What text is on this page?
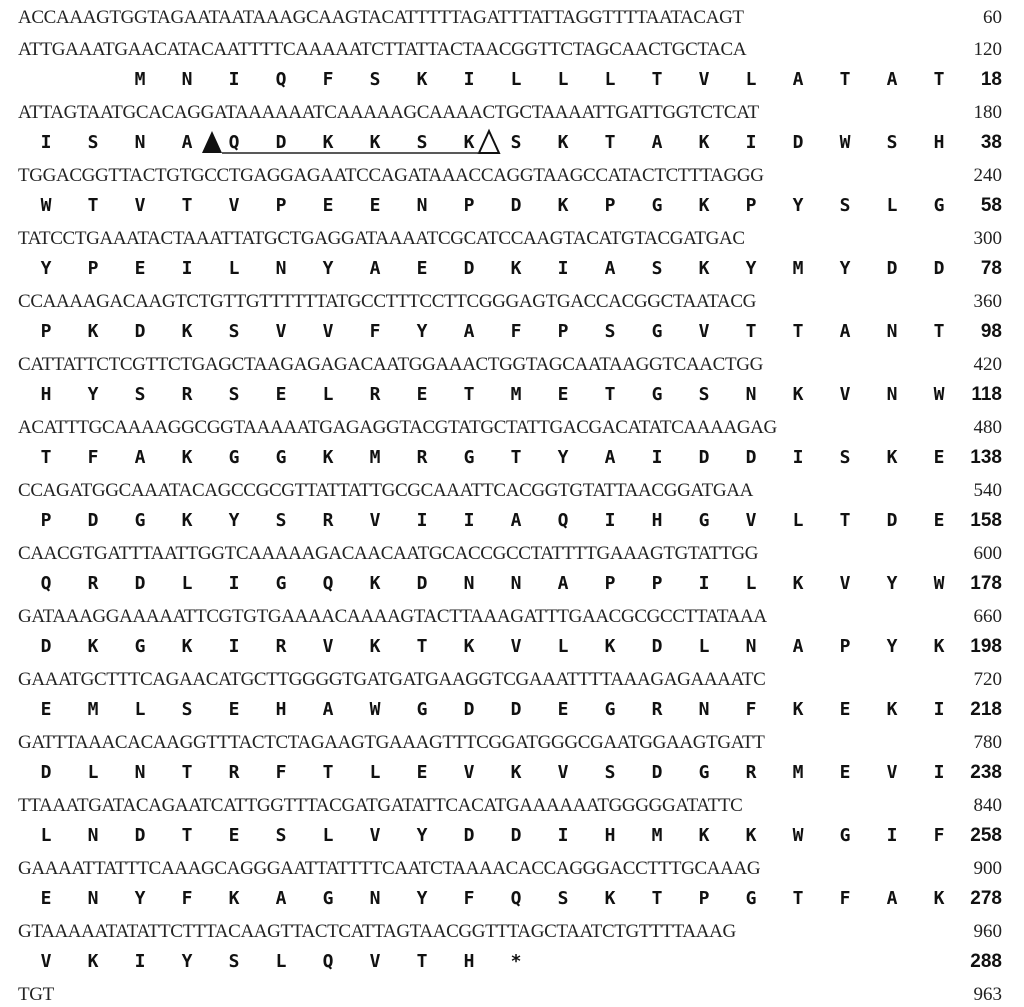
ACCAAAGTGGTAGAATAATAAAGCAAGTACATTTTTAGATTTATTAGGTTTTAATACAGT	60
ATTGAAATGAACATACAATTTTCAAAAATCTTATTACTAACGGTTCTAGCAACTGCTACA	120
M N I Q F S K I L L L T V L A T A T 18
ATTAGTAATGCACAGGATAAAAAATCAAAAAGCAAAACTGCTAAAATTGATTGGTCTCAT	180
I S N A Q D K K S K S K T A K I D W S H 38
TGGACGGTTACTGTGCCTGAGGAGAATCCAGATAAACCAGGTAAGCCATACTCTTTAGGG	240
W T V T V P E E N P D K P G K P Y S L G 58
TATCCTGAAATACTAAATTATGCTGAGGATAAAATCGCATCCAAGTACATGTACGATGAC	300
Y P E I L N Y A E D K I A S K Y M Y D D 78
CCAAAAGACAAGTCTGTTGTTTTTTATGCCTTTCCTTCGGGAGTGACCACGGCTAATACG	360
P K D K S V V F Y A F P S G V T T A N T 98
CATTATTCTCGTTCTGAGCTAAGAGAGACAATGGAAACTGGTAGCAATAAGGTCAACTGG	420
H Y S R S E L R E T M E T G S N K V N W 118
ACATTTGCAAAAGGCGGTAAAAATGAGAGGTACGTATGCTATTGACGACATATCAAAAGAG	480
T F A K G G K M R G T Y A I D D I S K E 138
CCAGATGGCAAATACAGCCGCGTTATTATTGCGCAAATTCACGGTGTATTAACGGATGAA	540
P D G K Y S R V I I A Q I H G V L T D E 158
CAACGTGATTTAATTGGTCAAAAAGACAACAATGCACCGCCTATTTTGAAAGTGTATTGG	600
Q R D L I G Q K D N N A P P I L K V Y W 178
GATAAAGGAAAAATTCGTGTGAAAACAAAAGTACTTAAAGATTTGAACGCGCCTTATAAA	660
D K G K I R V K T K V L K D L N A P Y K 198
GAAATGCTTTCAGAACATGCTTGGGGTGATGATGAAGGTCGAAATTTTAAAGAGAAAATC	720
E M L S E H A W G D D E G R N F K E K I 218
GATTTAAACACAAGGTTTACTCTAGAAGTGAAAGTTTCGGATGGGCGAATGGAAGTGATT	780
D L N T R F T L E V K V S D G R M E V I 238
TTAAATGATACAGAATCATTGGTTTACGATGATATTCACATGAAAAAATGGGGGATATTC	840
L N D T E S L V Y D D I H M K K W G I F 258
GAAAATTATTTCAAAGCAGGGAATTATTTTCAATCTAAAACACCAGGGACCTTTGCAAAG	900
E N Y F K A G N Y F Q S K T P G T F A K 278
GTAAAAATATATTCTTTACAAGTTACTCATTAGTAACGGTTTAGCTAATCTGTTTTAAAG	960
V K I Y S L Q V T H *	288
TGT	963
